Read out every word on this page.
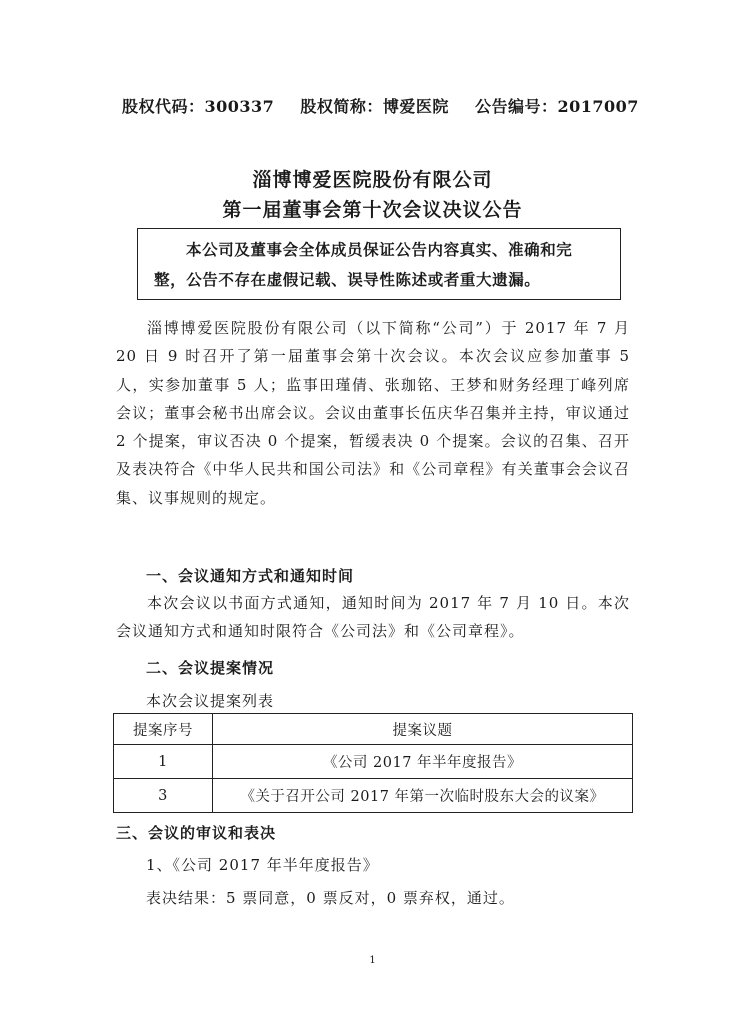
股权代码：300337 股权简称：博爱医院 公告编号：2017007
淄博博爱医院股份有限公司
第一届董事会第十次会议决议公告
本公司及董事会全体成员保证公告内容真实、准确和完整，公告不存在虚假记载、误导性陈述或者重大遗漏。
淄博博爱医院股份有限公司（以下简称“公司”）于 2017 年 7 月 20 日 9 时召开了第一届董事会第十次会议。本次会议应参加董事 5 人，实参加董事 5 人；监事田瑾倩、张珈铭、王梦和财务经理丁峰列席会议；董事会秘书出席会议。会议由董事长伍庆华召集并主持，审议通过 2 个提案，审议否决 0 个提案，暂缓表决 0 个提案。会议的召集、召开及表决符合《中华人民共和国公司法》和《公司章程》有关董事会会议召集、议事规则的规定。
一、会议通知方式和通知时间
本次会议以书面方式通知，通知时间为 2017 年 7 月 10 日。本次会议通知方式和通知时限符合《公司法》和《公司章程》。
二、会议提案情况
本次会议提案列表
提案序号	提案议题
1	《公司 2017 年半年度报告》
3	《关于召开公司 2017 年第一次临时股东大会的议案》
三、会议的审议和表决
1、《公司 2017 年半年度报告》
表决结果：5 票同意，0 票反对，0 票弃权，通过。
1
